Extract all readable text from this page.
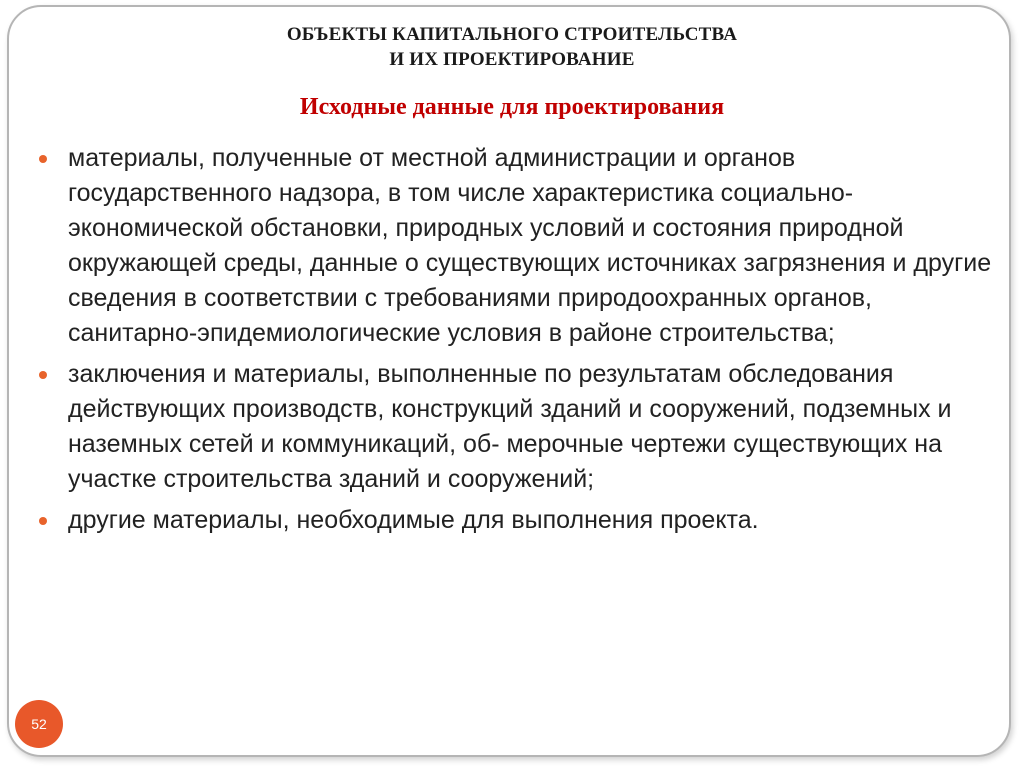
ОБЪЕКТЫ КАПИТАЛЬНОГО СТРОИТЕЛЬСТВА
И ИХ ПРОЕКТИРОВАНИЕ
Исходные данные для проектирования
материалы, полученные от местной администрации и органов государственного надзора, в том числе характеристика социально-экономической обстановки, природных условий и состояния природной окружающей среды, данные о существующих источниках загрязнения и другие сведения в соответствии с требованиями природоохранных органов, санитарно-эпидемиологические условия в районе строительства;
заключения и материалы, выполненные по результатам обследования действующих производств, конструкций зданий и сооружений, подземных и наземных сетей и коммуникаций, об- мерочные чертежи существующих на участке строительства зданий и сооружений;
другие материалы, необходимые для выполнения проекта.
52
